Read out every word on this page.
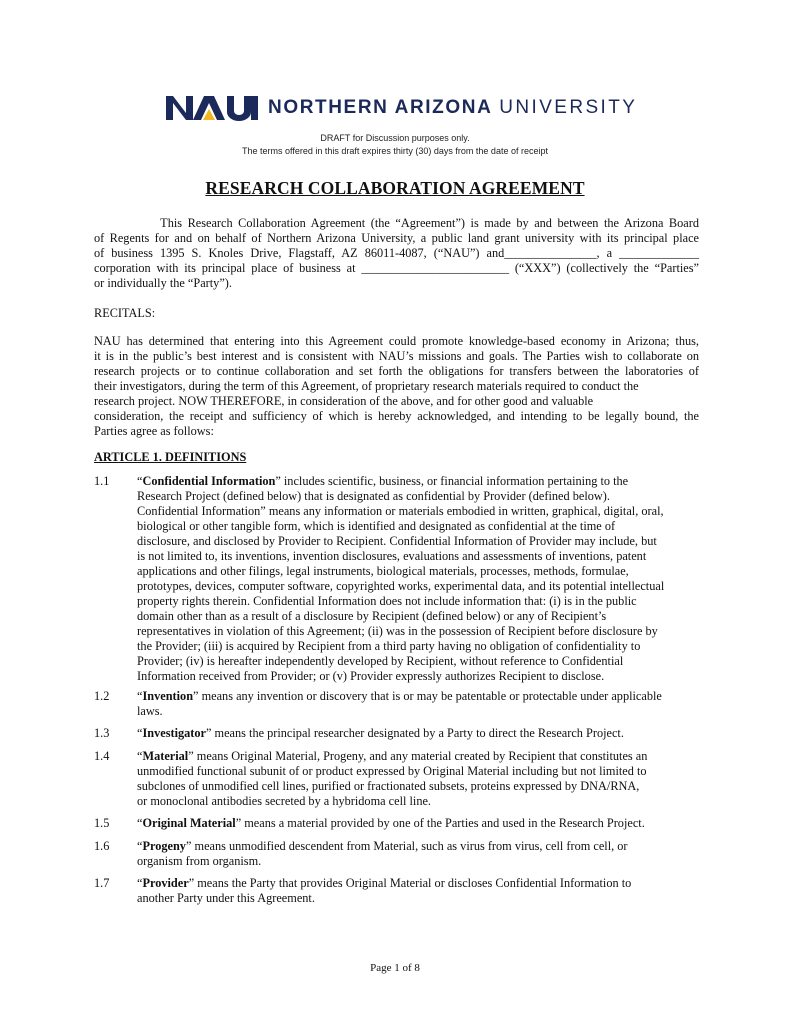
NORTHERN ARIZONA UNIVERSITY
DRAFT for Discussion purposes only.
The terms offered in this draft expires thirty (30) days from the date of receipt
RESEARCH COLLABORATION AGREEMENT
This Research Collaboration Agreement (the “Agreement”) is made by and between the Arizona Board
of Regents for and on behalf of Northern Arizona University, a public land grant university with its principal place
of business 1395 S. Knoles Drive, Flagstaff, AZ 86011-4087, (“NAU”) and_______________, a _____________
corporation with its principal place of business at ________________________ (“XXX”) (collectively the “Parties”
or individually the “Party”).
RECITALS:
NAU has determined that entering into this Agreement could promote knowledge-based economy in Arizona; thus,
it is in the public’s best interest and is consistent with NAU’s missions and goals. The Parties wish to collaborate on
research projects or to continue collaboration and set forth the obligations for transfers between the laboratories of
their investigators, during the term of this Agreement, of proprietary research materials required to conduct the
research project. NOW THEREFORE, in consideration of the above, and for other good and valuable
consideration, the receipt and sufficiency of which is hereby acknowledged, and intending to be legally bound, the
Parties agree as follows:
ARTICLE 1. DEFINITIONS
1.1 “Confidential Information” includes scientific, business, or financial information pertaining to the
Research Project (defined below) that is designated as confidential by Provider (defined below).
Confidential Information” means any information or materials embodied in written, graphical, digital, oral,
biological or other tangible form, which is identified and designated as confidential at the time of
disclosure, and disclosed by Provider to Recipient. Confidential Information of Provider may include, but
is not limited to, its inventions, invention disclosures, evaluations and assessments of inventions, patent
applications and other filings, legal instruments, biological materials, processes, methods, formulae,
prototypes, devices, computer software, copyrighted works, experimental data, and its potential intellectual
property rights therein. Confidential Information does not include information that: (i) is in the public
domain other than as a result of a disclosure by Recipient (defined below) or any of Recipient’s
representatives in violation of this Agreement; (ii) was in the possession of Recipient before disclosure by
the Provider; (iii) is acquired by Recipient from a third party having no obligation of confidentiality to
Provider; (iv) is hereafter independently developed by Recipient, without reference to Confidential
Information received from Provider; or (v) Provider expressly authorizes Recipient to disclose.
1.2 “Invention” means any invention or discovery that is or may be patentable or protectable under applicable
laws.
1.3 “Investigator” means the principal researcher designated by a Party to direct the Research Project.
1.4 “Material” means Original Material, Progeny, and any material created by Recipient that constitutes an
unmodified functional subunit of or product expressed by Original Material including but not limited to
subclones of unmodified cell lines, purified or fractionated subsets, proteins expressed by DNA/RNA,
or monoclonal antibodies secreted by a hybridoma cell line.
1.5 “Original Material” means a material provided by one of the Parties and used in the Research Project.
1.6 “Progeny” means unmodified descendent from Material, such as virus from virus, cell from cell, or
organism from organism.
1.7 “Provider” means the Party that provides Original Material or discloses Confidential Information to
another Party under this Agreement.
Page 1 of 8
